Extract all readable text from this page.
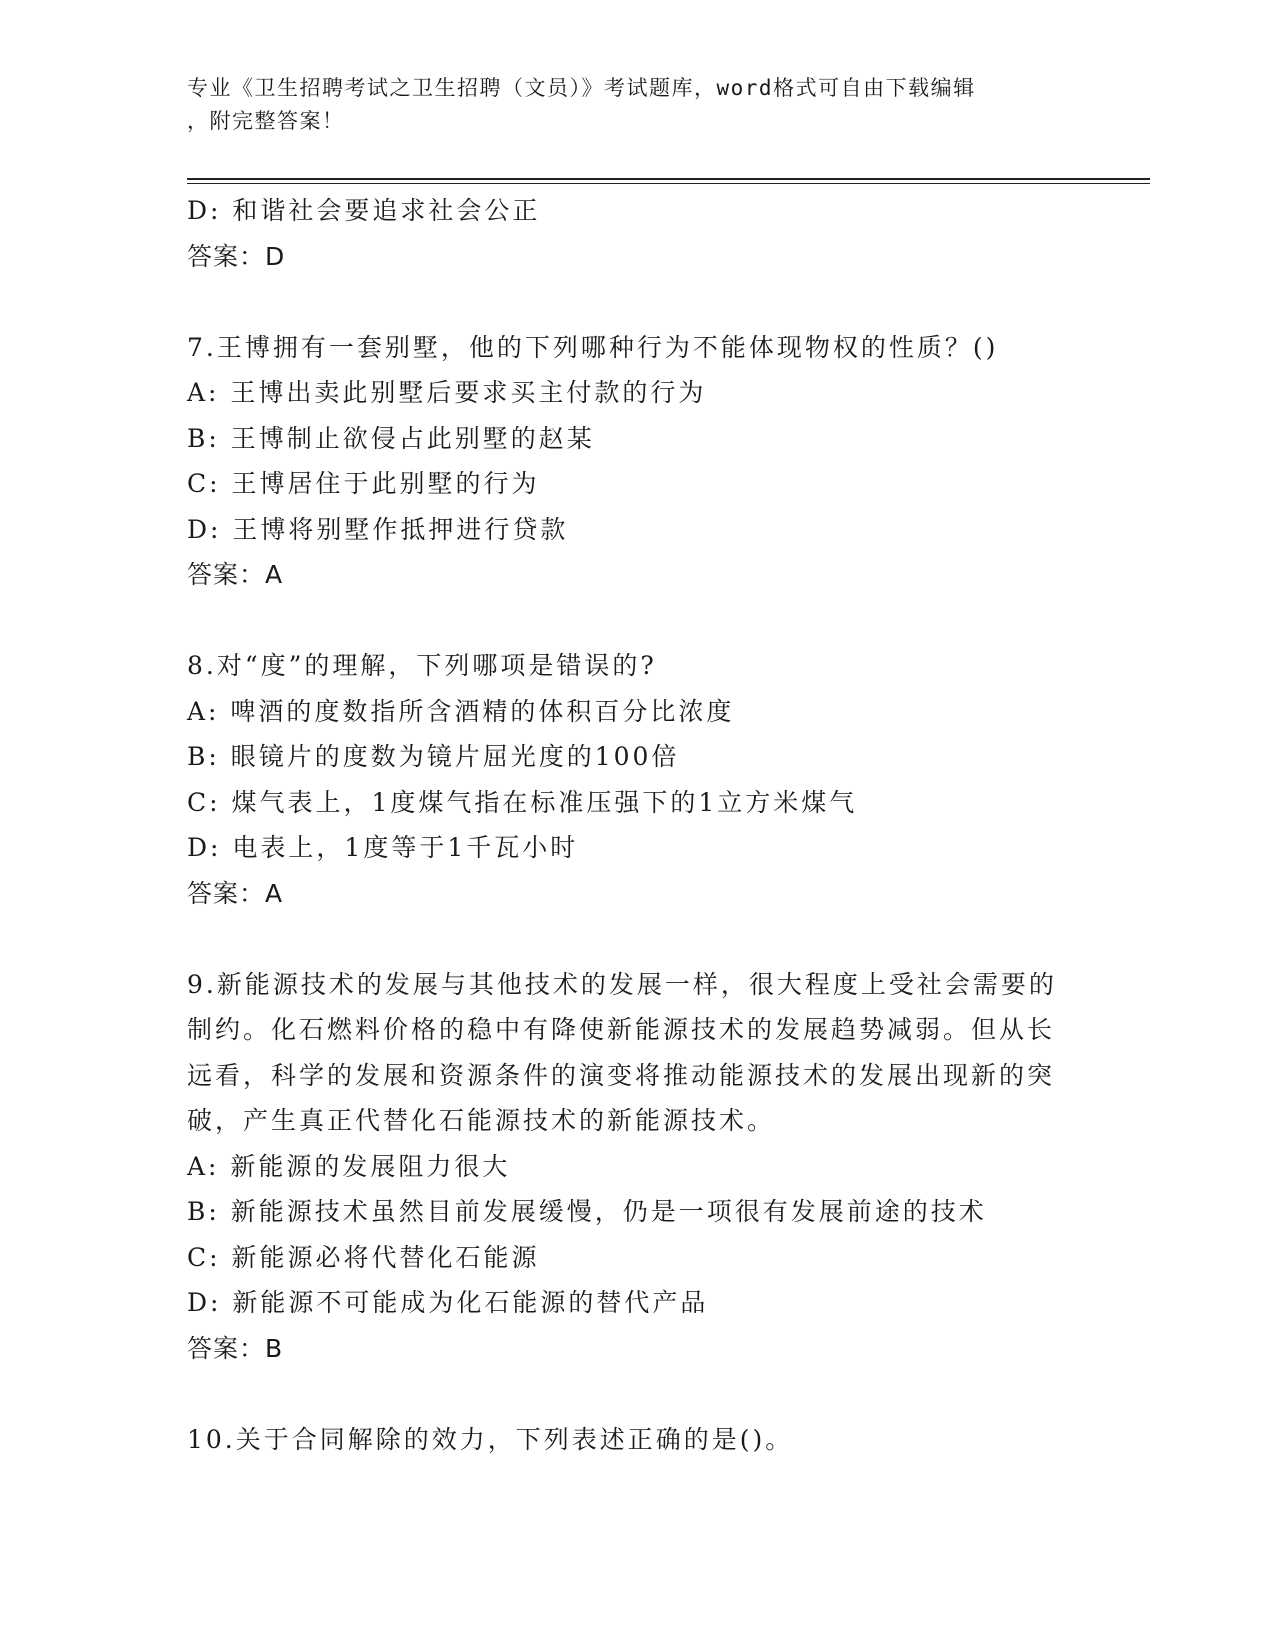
专业《卫生招聘考试之卫生招聘（文员）》考试题库，word格式可自由下载编辑
，附完整答案！
D: 和谐社会要追求社会公正
答案：D
7.王博拥有一套别墅，他的下列哪种行为不能体现物权的性质？()
A: 王博出卖此别墅后要求买主付款的行为
B: 王博制止欲侵占此别墅的赵某
C: 王博居住于此别墅的行为
D: 王博将别墅作抵押进行贷款
答案：A
8.对“度”的理解，下列哪项是错误的?
A: 啤酒的度数指所含酒精的体积百分比浓度
B: 眼镜片的度数为镜片屈光度的100倍
C: 煤气表上，1度煤气指在标准压强下的1立方米煤气
D: 电表上，1度等于1千瓦小时
答案：A
9.新能源技术的发展与其他技术的发展一样，很大程度上受社会需要的制约。化石燃料价格的稳中有降使新能源技术的发展趋势减弱。但从长远看，科学的发展和资源条件的演变将推动能源技术的发展出现新的突破，产生真正代替化石能源技术的新能源技术。
A: 新能源的发展阻力很大
B: 新能源技术虽然目前发展缓慢，仍是一项很有发展前途的技术
C: 新能源必将代替化石能源
D: 新能源不可能成为化石能源的替代产品
答案：B
10.关于合同解除的效力，下列表述正确的是()。
